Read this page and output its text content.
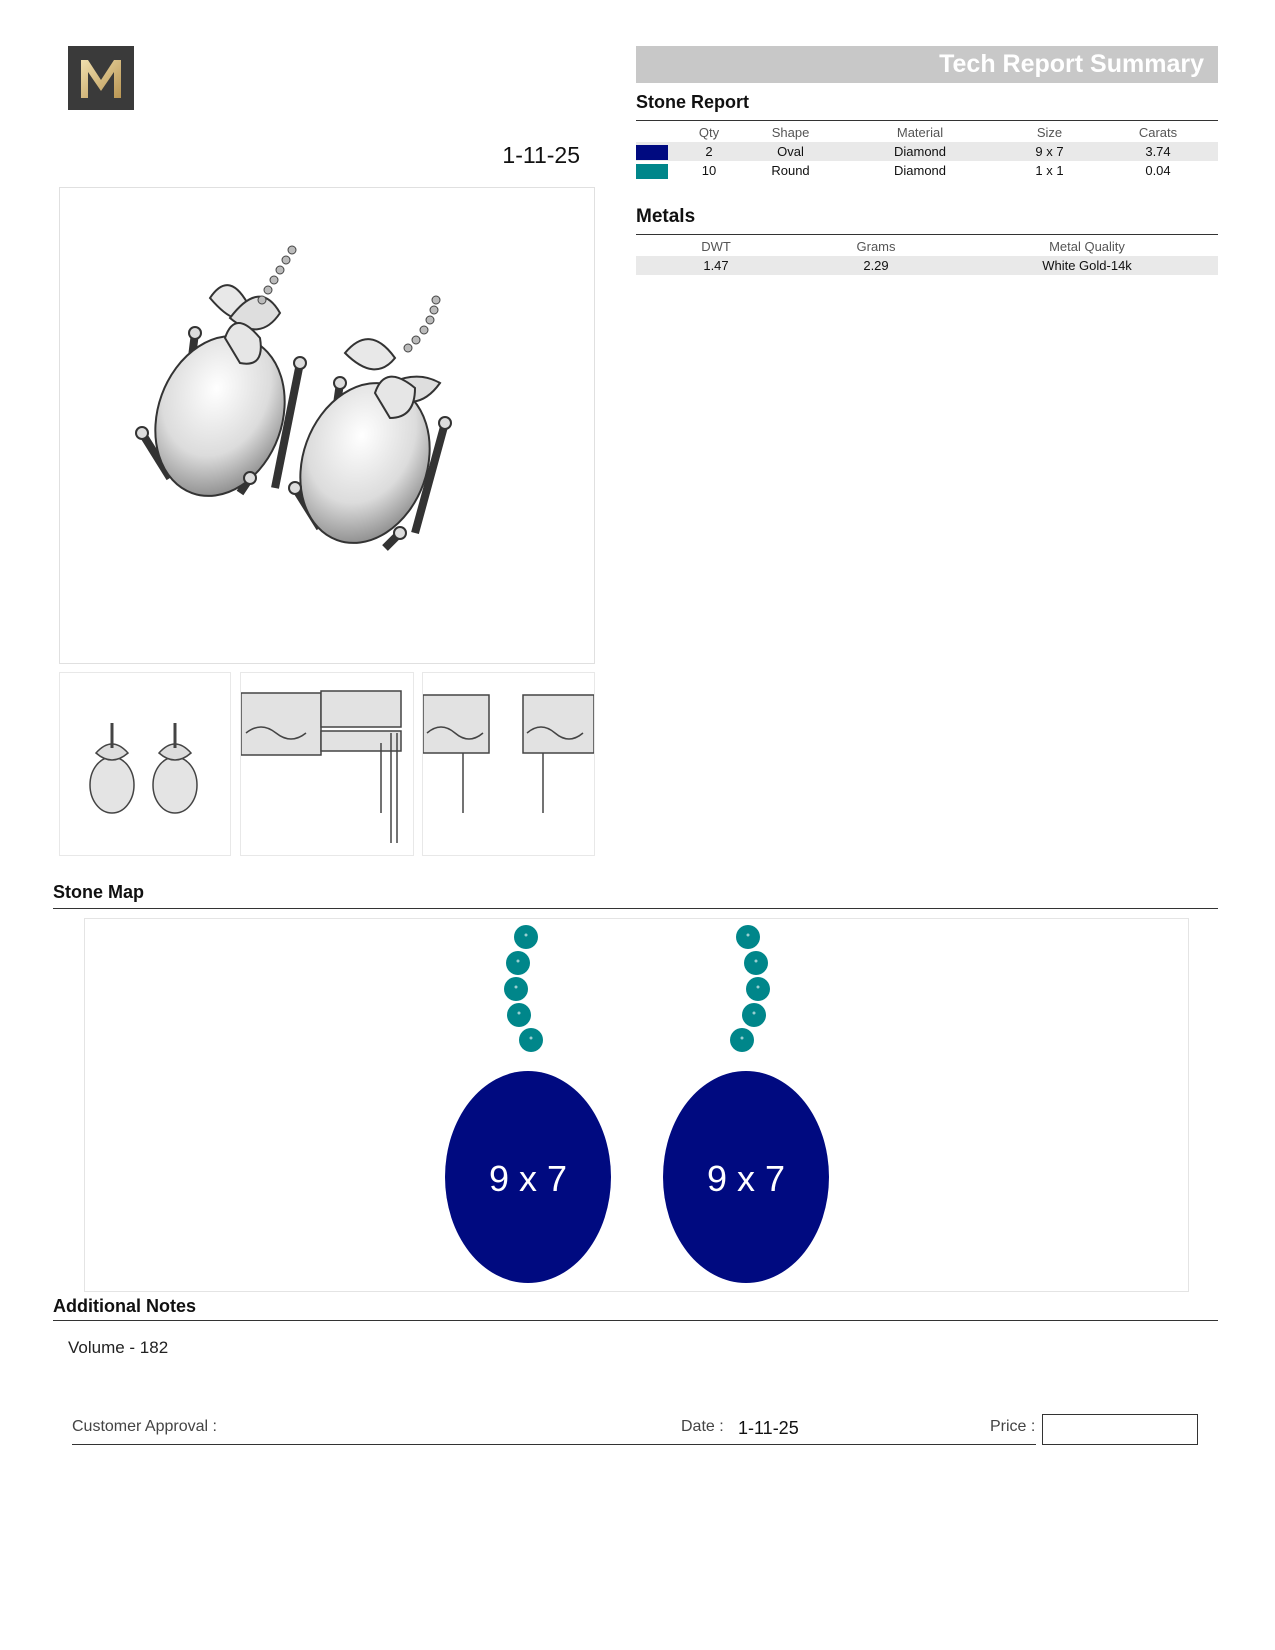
1-11-25
Tech Report Summary
Stone Report
	Qty	Shape	Material	Size	Carats
	2	Oval	Diamond	9 x 7	3.74
	10	Round	Diamond	1 x 1	0.04
Metals
DWT	Grams	Metal Quality
1.47	2.29	White Gold-14k
Stone Map
9 x 7	9 x 7
Additional Notes
Volume - 182
Customer Approval :	Date : 1-11-25	Price :
